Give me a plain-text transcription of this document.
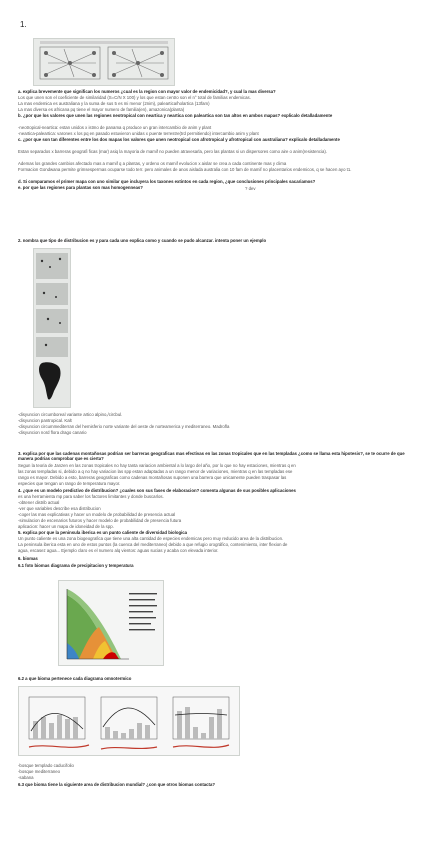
1.
a. explica brevemente que significan los numeros ¿cual es la region con mayor valor de endemicidad?, y cual la mas diversa?
Los que unen son el coeficiente de similaridad (S=C/N X 100) y los que estan centro son el n° total de familias endemicas.
La mas endemica es australiana y la suma de sus 5 es mi menor (2nim), paleartica/holartica (13fam)
La mas diversa es africana pq tiene el mayor numero de familia(en), amazonica(planta)
b. ¿por que los valores que unen las regiones neotropical con neartica y neartica con paleartica son tan altos en ambos mapas? explicalo detalladamente
-neotropical-neartica: estan unidos x istmo de panama q produce un gran intercambio de anim y plant
-neartica-paleartica: varones x los pq en pasado estuvieron unidas x puente terrestre(trd permitiendo) intercambio anim y plant
c. ¿por que son tan diferentes entre los dos mapas los valores que unen neotropical con afrotropical y afrotropical con australiana? explicalo detalladamente
Estan separados x barreras geografi ficas (mar) asiq la mayoria de mamif no pueden atravesarla, pero las plantas si un dispersores como aire o anim(resistencia).
Ademas los grandes cambios afectado mas a mamif q a plantas, y ordeno os mamif evolucion x aislar se crea a cada continente mas y clima
Formacion Gondwana permite grimsespermas ocuparse todo terr. pero animales de anos aislada australia con 10 fam de mamif no placentarios endemicos, q se hacen ayo t1.
d. Si comparamos el primer mapa con uno similar que incluyera los taxones extintos en cada region, ¿que conclusiones principales sacariamos?
e. por que las regiones para plantas son mas homogenneas?	? dev
2. nombra que tipo de distribucion es y para cada uno explica como y cuando se pudo alcanzar. intenta poner un ejemplo
-disyuncion circumboreal variante artico alpino,/circbul.
-disyuncion pantropical. Kalt
-disyuncion circummediterran del hemisferio norte variante del oeste de norteamerica y mediterraneo. Madrofla
-disyuncion nord flora drago canario
3. explica por que las cadenas montañosas podrian ser barreras geograficas mas efectivas en las zonas tropicales que en las templadas ¿como se llama esta hipotesis?, se te ocurre de que manera podrias comprobar que es cierta?
Segun la teoria de Janzen en las zonas tropicales no hay tanta variacion ambiental a lo largo del año, por lo que no hay estaciones, mientras q en
las zonas templadas si, debido a q no hay variacion las spp estan adaptadas a un rango menor de variaciones, mientras q en las templadas ese
rango es mayor. Debido a esto, barreras geograficas como cadenas montañosas suponen una barrera que unicamente pueden traspasar las
especies que tengan un rango de temperatura mayor.
4. ¿que es un modelo predictivo de distribucion? ¿cuales son sus fases de elaboracion? comenta algunas de sus posibles aplicaciones
es una herramienta mp para saber los factores limitantes y donde buscarlos.
-obtener distrib actual
-ver que variables describe esa distribucion
-coger las mas explicativas y hacer un modelo de probabilidad de presencia actual
-simulacion de escenarios futuros y hacer modelo de probabilidad de presencia futura
aplicacion: hacer un mapa de idoneidad de la spp.
5. explica por que la peninsula iberica es un punto caliente de diversidad biologica
Un punto caliente es una zona biogeografica que tiene una alta cantidad de especies endemicas pero muy reducido area de la distribucion.
La peninsula iberica esta en uno de estos puntos (la cuenca del mediterraneo) debido a que refugio orográfico, contenimiento, inter flexion de
agua, escasez agua... Ejemplo claro es el numero alq vientos: aguas sucias y acaba con elevada interior.
6. biomas
6.1 foto biomas diagrama de precipitacion y temperatura
6.2 a que bioma pertenece cada diagrama omnotermico
-bosque templado caducifolio
-bosque mediterraneo
-sabana
6.3 que bioma tiene la siguiente area de distribucion mundial? ¿con que otros biomas contacta?
